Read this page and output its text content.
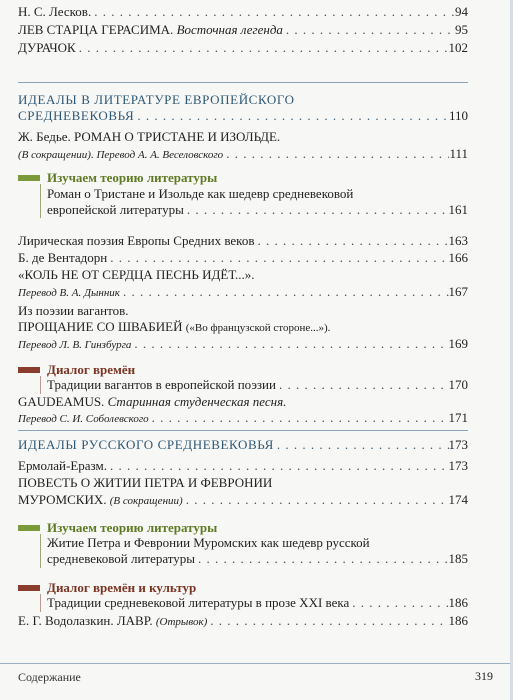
Н. С. Лесков. . . .	94
ЛЕВ СТАРЦА ГЕРАСИМА. Восточная легенда . . .	95
ДУРАЧОК . . .	102
ИДЕАЛЫ В ЛИТЕРАТУРЕ ЕВРОПЕЙСКОГО
СРЕДНЕВЕКОВЬЯ . . .	110
Ж. Бедье. РОМАН О ТРИСТАНЕ И ИЗОЛЬДЕ.
(В сокращении). Перевод А. А. Веселовского . . .	111
Изучаем теорию литературы
Роман о Тристане и Изольде как шедевр средневековой
европейской литературы . . .	161
Лирическая поэзия Европы Средних веков . . .	163
Б. де Вентадорн . . .	166
«КОЛЬ НЕ ОТ СЕРДЦА ПЕСНЬ ИДЁТ...».
Перевод В. А. Дынник . . .	167
Из поэзии вагантов.
ПРОЩАНИЕ СО ШВАБИЕЙ («Во французской стороне...»).
Перевод Л. В. Гинзбурга . . .	169
Диалог времён
Традиции вагантов в европейской поэзии . . .	170
GAUDEAMUS. Старинная студенческая песня.
Перевод С. И. Соболевского . . .	171
ИДЕАЛЫ РУССКОГО СРЕДНЕВЕКОВЬЯ . . .	173
Ермолай-Еразм. . . .	173
ПОВЕСТЬ О ЖИТИИ ПЕТРА И ФЕВРОНИИ
МУРОМСКИХ. (В сокращении) . . .	174
Изучаем теорию литературы
Житие Петра и Февронии Муромских как шедевр русской
средневековой литературы . . .	185
Диалог времён и культур
Традиции средневековой литературы в прозе XXI века . . .	186
Е. Г. Водолазкин. ЛАВР. (Отрывок) . . .	186
Содержание	319
